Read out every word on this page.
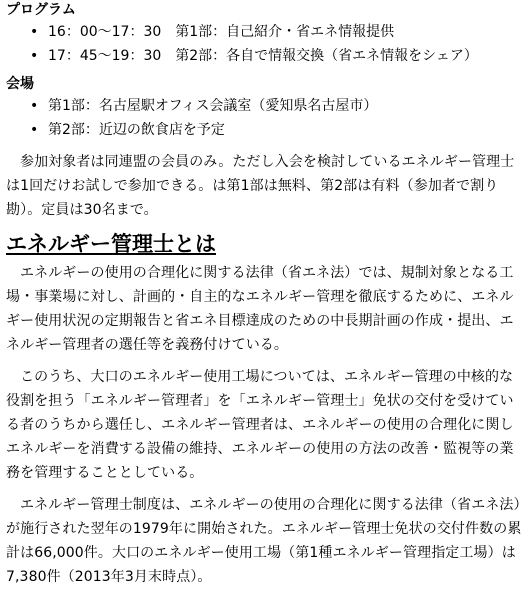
プログラム
• 16：00〜17：30　第1部：自己紹介・省エネ情報提供
• 17：45〜19：30　第2部：各自で情報交換（省エネ情報をシェア）
会場
• 第1部：名古屋駅オフィス会議室（愛知県名古屋市）
• 第2部：近辺の飲食店を予定

参加対象者は同連盟の会員のみ。ただし入会を検討しているエネルギー管理士は1回だけお試しで参加できる。は第1部は無料、第2部は有料（参加者で割り勘）。定員は30名まで。

エネルギー管理士とは

エネルギーの使用の合理化に関する法律（省エネ法）では、規制対象となる工場・事業場に対し、計画的・自主的なエネルギー管理を徹底するために、エネルギー使用状況の定期報告と省エネ目標達成のための中長期計画の作成・提出、エネルギー管理者の選任等を義務付けている。

このうち、大口のエネルギー使用工場については、エネルギー管理の中核的な役割を担う「エネルギー管理者」を「エネルギー管理士」免状の交付を受けている者のうちから選任し、エネルギー管理者は、エネルギーの使用の合理化に関しエネルギーを消費する設備の維持、エネルギーの使用の方法の改善・監視等の業務を管理することとしている。

エネルギー管理士制度は、エネルギーの使用の合理化に関する法律（省エネ法）が施行された翌年の1979年に開始された。エネルギー管理士免状の交付件数の累計は66,000件。大口のエネルギー使用工場（第1種エネルギー管理指定工場）は7,380件（2013年3月末時点）。
